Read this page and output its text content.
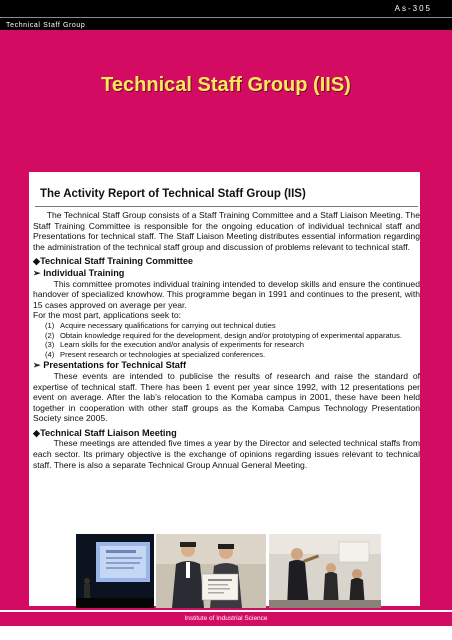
As-305
Technical Staff Group
Technical Staff Group (IIS)
The Activity Report of Technical Staff Group (IIS)

The Technical Staff Group consists of a Staff Training Committee and a Staff Liaison Meeting. The Staff Training Committee is responsible for the ongoing education of individual technical staff and Presentations for technical staff. The Staff Liaison Meeting distributes essential information regarding the administration of the technical staff group and discussion of problems relevant to technical staff.

◆Technical Staff Training Committee
➢ Individual Training

This committee promotes individual training intended to develop skills and ensure the continued handover of specialized knowhow. This programme began in 1991 and continues to the present, with 15 cases approved on average per year.

For the most part, applications seek to:

(1) Acquire necessary qualifications for carrying out technical duties
(2) Obtain knowledge required for the development, design and/or prototyping of experimental apparatus.
(3) Learn skills for the execution and/or analysis of experiments for research
(4) Present research or technologies at specialized conferences.
➢ Presentations for Technical Staff

These events are intended to publicise the results of research and raise the standard of expertise of technical staff. There has been 1 event per year since 1992, with 12 presentations per event on average. After the lab’s relocation to the Komaba campus in 2001, these have been held together in cooperation with other staff groups as the Komaba Campus Technology Presentation Society since 2005.

◆Technical Staff Liaison Meeting

These meetings are attended five times a year by the Director and selected technical staffs from each sector. Its primary objective is the exchange of opinions regarding issues relevant to technical staff. There is also a separate Technical Group Annual General Meeting.

Institute of Industrial Science
